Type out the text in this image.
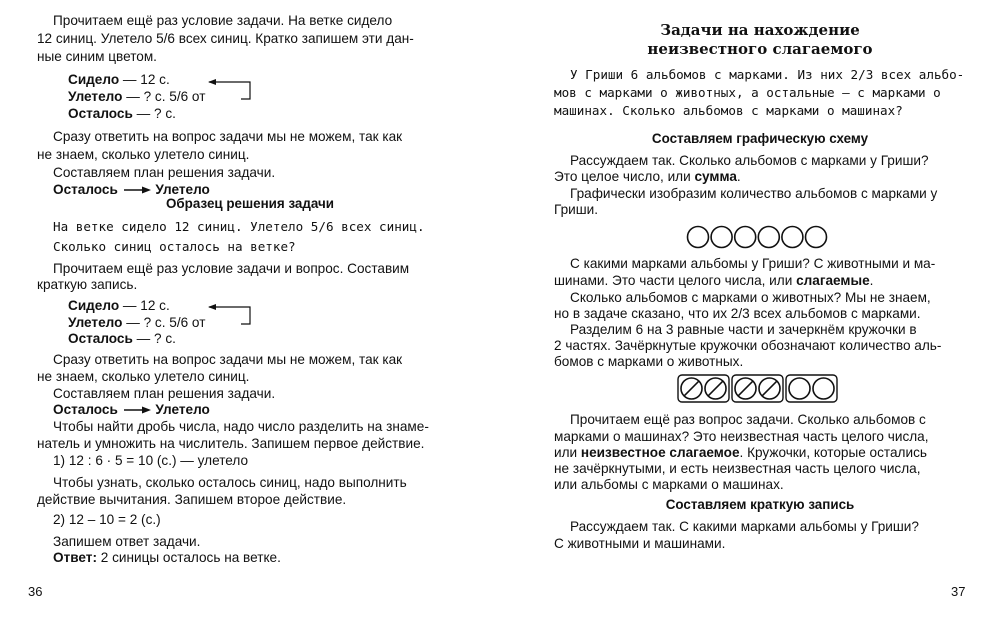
Прочитаем ещё раз условие задачи. На ветке сидело
12 синиц. Улетело 5/6 всех синиц. Кратко запишем эти дан-
ные синим цветом.
Сидело — 12 с.
Улетело — ? с. 5/6 от
Осталось — ? с.
Сразу ответить на вопрос задачи мы не можем, так как
не знаем, сколько улетело синиц.
Составляем план решения задачи.
Осталось	Улетело
Образец решения задачи
На ветке сидело 12 синиц. Улетело 5/6 всех синиц.
Сколько синиц осталось на ветке?
Прочитаем ещё раз условие задачи и вопрос. Составим
краткую запись.
Сидело — 12 с.
Улетело — ? с. 5/6 от
Осталось — ? с.
Сразу ответить на вопрос задачи мы не можем, так как
не знаем, сколько улетело синиц.
Составляем план решения задачи.
Осталось	Улетело
Чтобы найти дробь числа, надо число разделить на знаме-
натель и умножить на числитель. Запишем первое действие.
1) 12 : 6 · 5 = 10 (с.) — улетело
Чтобы узнать, сколько осталось синиц, надо выполнить
действие вычитания. Запишем второе действие.
2) 12 – 10 = 2 (с.)
Запишем ответ задачи.
Ответ: 2 синицы осталось на ветке.
36
Задачи на нахождение
неизвестного слагаемого
У Гриши 6 альбомов с марками. Из них 2/3 всех альбо-
мов с марками о животных, а остальные — с марками о
машинах. Сколько альбомов с марками о машинах?
Составляем графическую схему
Рассуждаем так. Сколько альбомов с марками у Гриши?
Это целое число, или сумма.
Графически изобразим количество альбомов с марками у
Гриши.
С какими марками альбомы у Гриши? С животными и ма-
шинами. Это части целого числа, или слагаемые.
Сколько альбомов с марками о животных? Мы не знаем,
но в задаче сказано, что их 2/3 всех альбомов с марками.
Разделим 6 на 3 равные части и зачеркнём кружочки в
2 частях. Зачёркнутые кружочки обозначают количество аль-
бомов с марками о животных.
Прочитаем ещё раз вопрос задачи. Сколько альбомов с
марками о машинах? Это неизвестная часть целого числа,
или неизвестное слагаемое. Кружочки, которые остались
не зачёркнутыми, и есть неизвестная часть целого числа,
или альбомы с марками о машинах.
Составляем краткую запись
Рассуждаем так. С какими марками альбомы у Гриши?
С животными и машинами.
37
